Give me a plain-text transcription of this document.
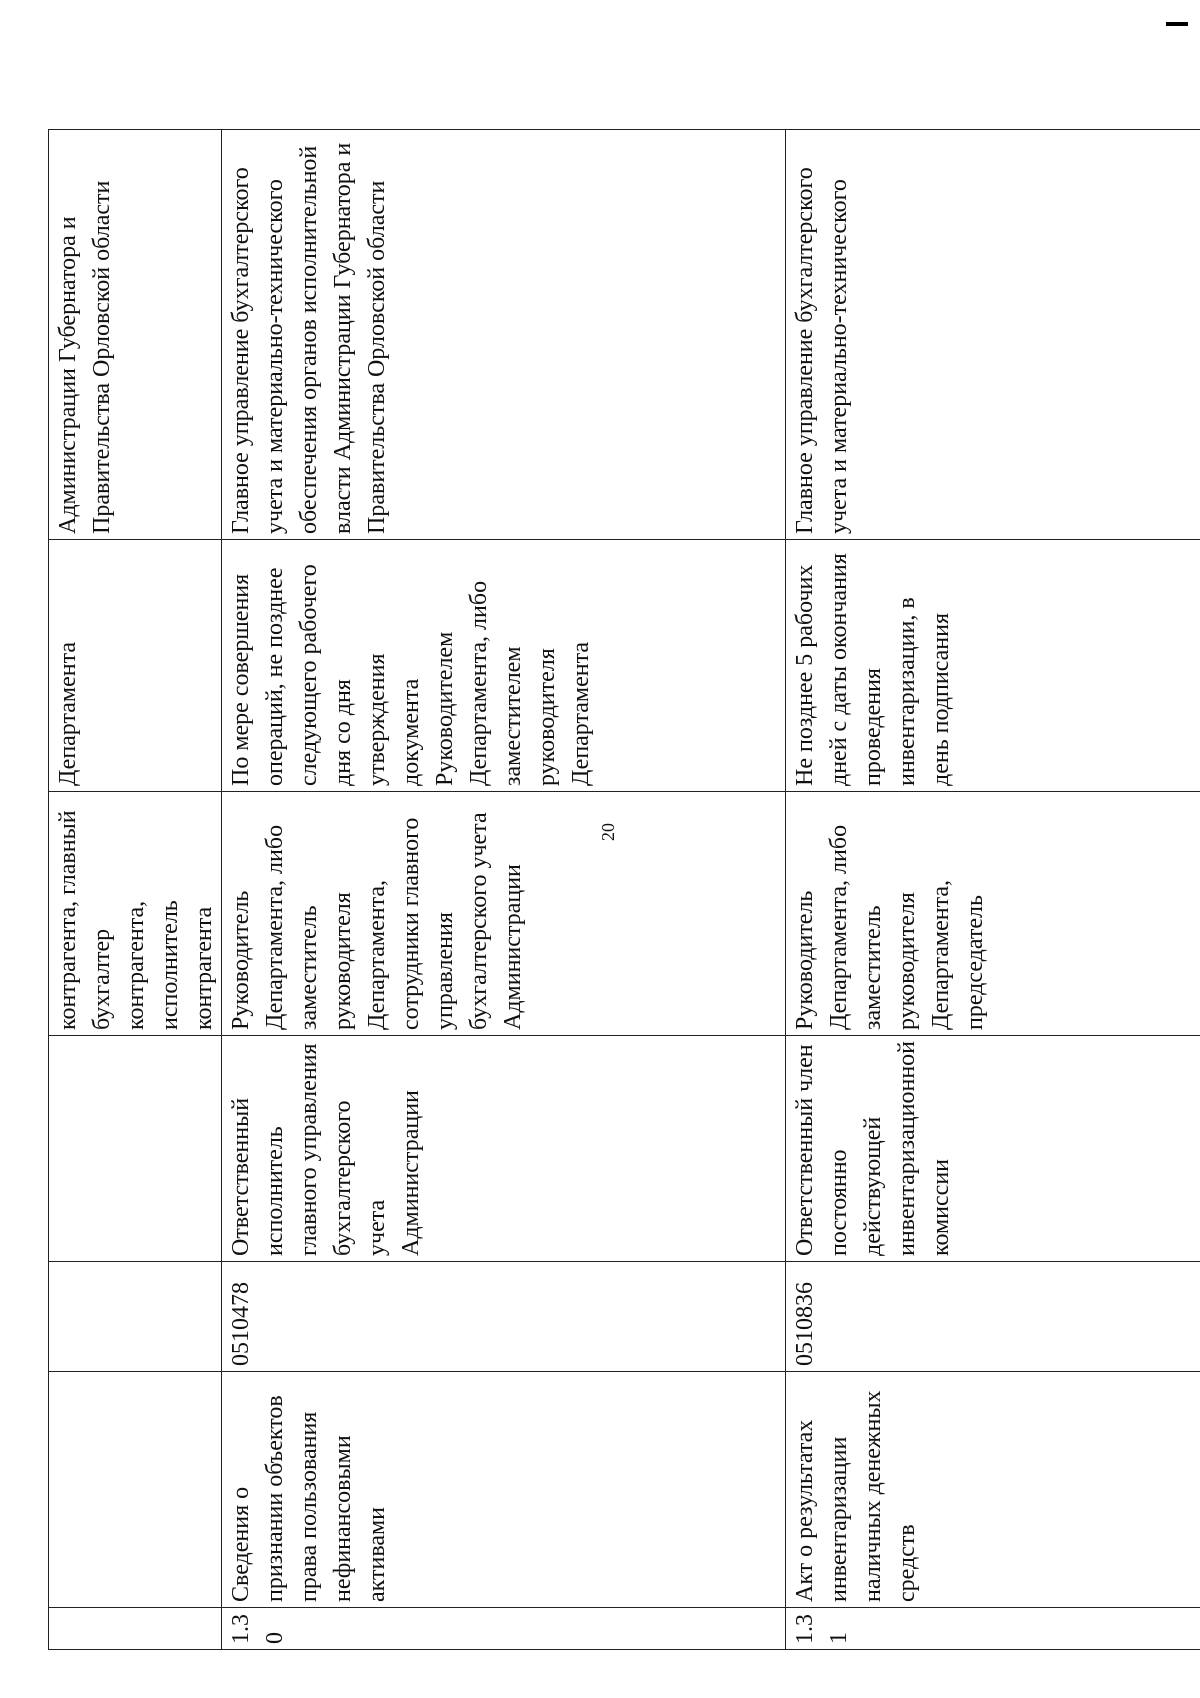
20

				контрагента, главный бухгалтер контрагента, исполнитель контрагента	Департамента	Администрации Губернатора и Правительства Орловской области

1.30	Сведения о признании объектов права пользования нефинансовыми активами	0510478	Ответственный исполнитель главного управления бухгалтерского учета Администрации	Руководитель Департамента, либо заместитель руководителя Департамента, сотрудники главного управления бухгалтерского учета Администрации	По мере совершения операций, не позднее следующего рабочего дня со дня утверждения документа Руководителем Департамента, либо заместителем руководителя Департамента	Главное управление бухгалтерского учета и материально-технического обеспечения органов исполнительной власти Администрации Губернатора и Правительства Орловской области

1.31	Акт о результатах инвентаризации наличных денежных средств	0510836	Ответственный член постоянно действующей инвентаризационной комиссии	Руководитель Департамента, либо заместитель руководителя Департамента, председатель	Не позднее 5 рабочих дней с даты окончания проведения инвентаризации, в день подписания	Главное управление бухгалтерского учета и материально-технического
